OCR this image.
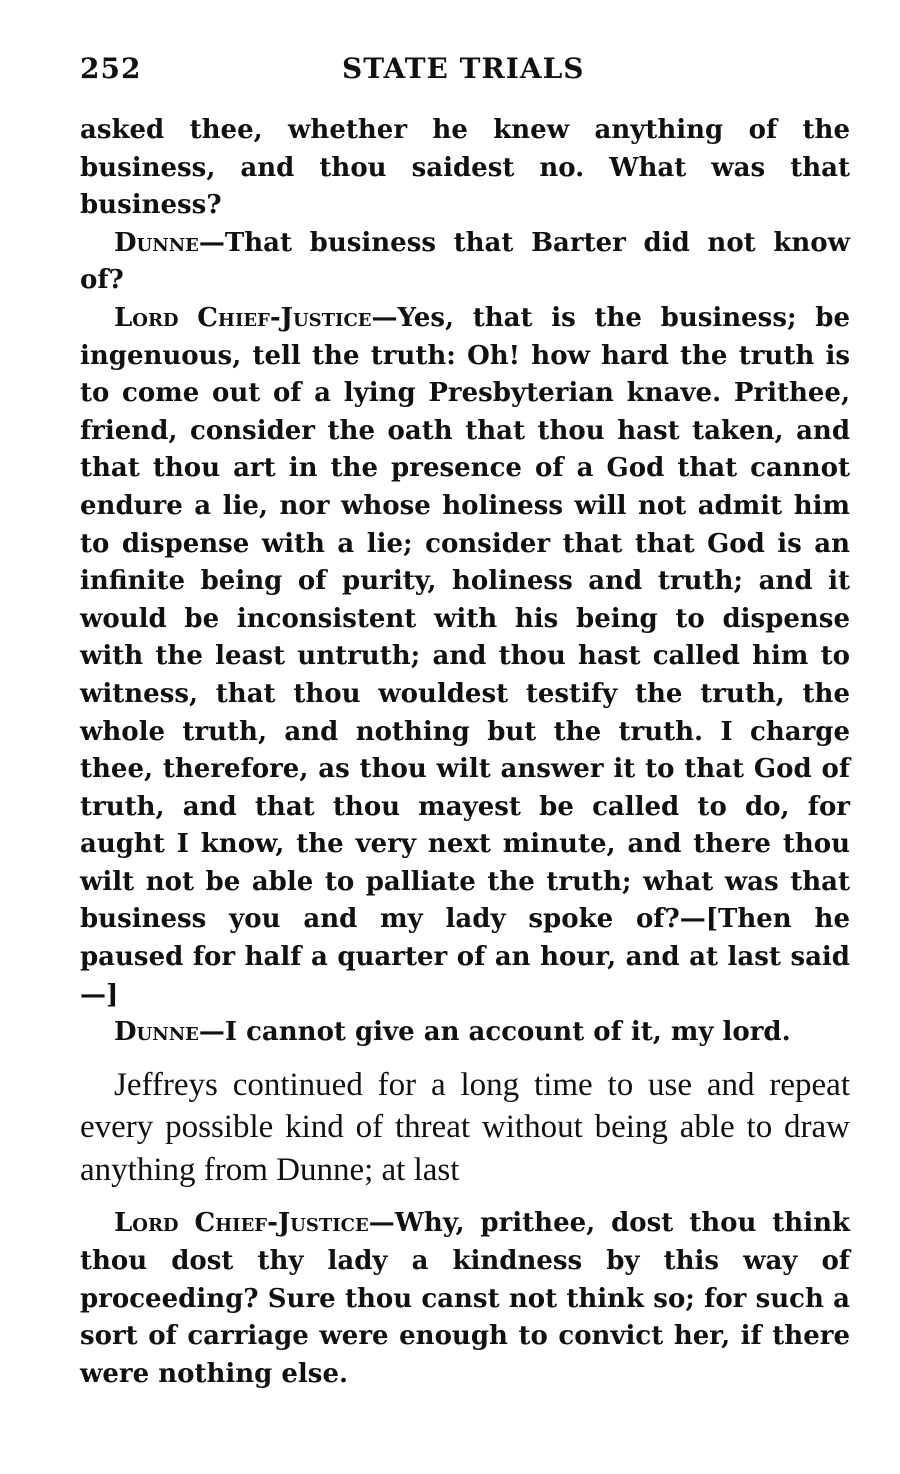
252	STATE TRIALS

asked thee, whether he knew anything of the business, and thou saidest no. What was that business?

Dunne—That business that Barter did not know of?

Lord Chief-Justice—Yes, that is the business; be ingenuous, tell the truth: Oh! how hard the truth is to come out of a lying Presbyterian knave. Prithee, friend, consider the oath that thou hast taken, and that thou art in the presence of a God that cannot endure a lie, nor whose holiness will not admit him to dispense with a lie; consider that that God is an infinite being of purity, holiness and truth; and it would be inconsistent with his being to dispense with the least untruth; and thou hast called him to witness, that thou wouldest testify the truth, the whole truth, and nothing but the truth. I charge thee, therefore, as thou wilt answer it to that God of truth, and that thou mayest be called to do, for aught I know, the very next minute, and there thou wilt not be able to palliate the truth; what was that business you and my lady spoke of?—[Then he paused for half a quarter of an hour, and at last said—]

Dunne—I cannot give an account of it, my lord.

Jeffreys continued for a long time to use and repeat every possible kind of threat without being able to draw anything from Dunne; at last

Lord Chief-Justice—Why, prithee, dost thou think thou dost thy lady a kindness by this way of proceeding? Sure thou canst not think so; for such a sort of carriage were enough to convict her, if there were nothing else.
